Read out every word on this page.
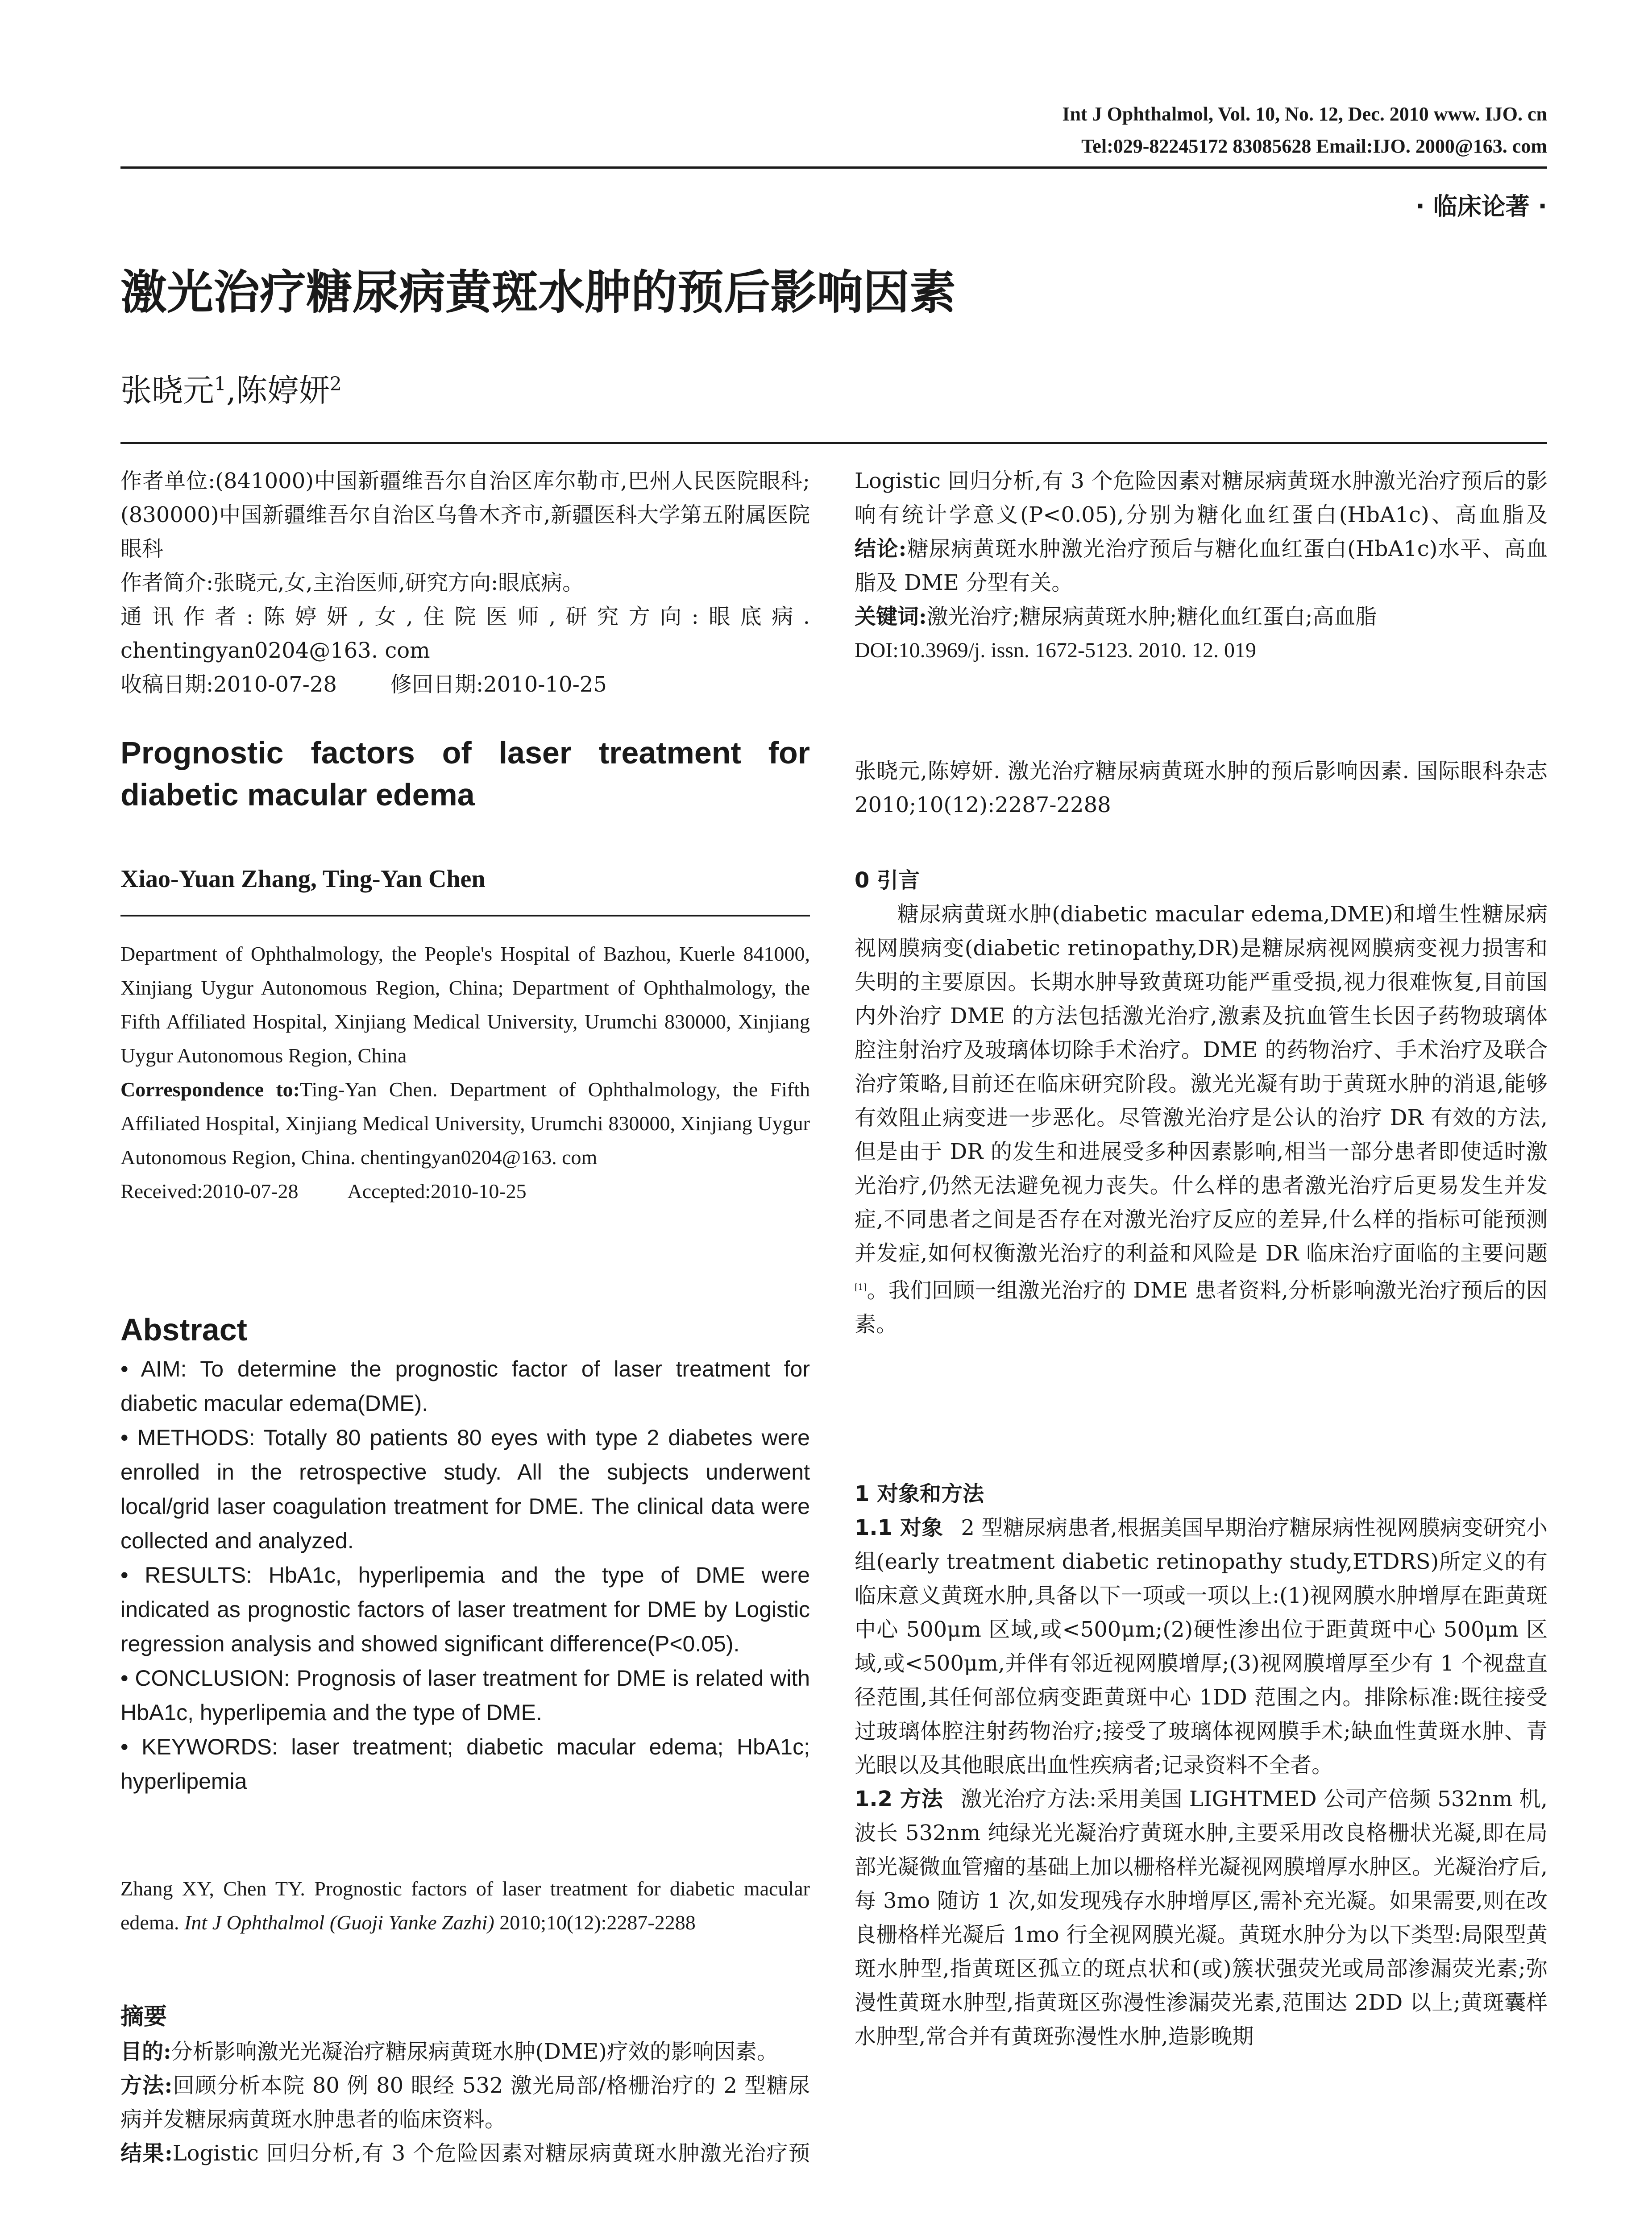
Int J Ophthalmol, Vol. 10, No. 12, Dec. 2010 www. IJO. cn
Tel:029-82245172 83085628 Email:IJO. 2000@163. com
· 临床论著 ·
激光治疗糖尿病黄斑水肿的预后影响因素
张晓元$^1$,陈婷妍$^2$

作者单位:(841000)中国新疆维吾尔自治区库尔勒市,巴州人民医院眼科;(830000)中国新疆维吾尔自治区乌鲁木齐市,新疆医科大学第五附属医院眼科

作者简介:张晓元,女,主治医师,研究方向:眼底病。

通讯作者:陈婷妍,女,住院医师,研究方向:眼底病. chentingyan0204@163. com

收稿日期:2010-07-28	修回日期:2010-10-25

Prognostic factors of laser treatment for diabetic macular edema
Xiao-Yuan Zhang, Ting-Yan Chen

Department of Ophthalmology, the People's Hospital of Bazhou, Kuerle 841000, Xinjiang Uygur Autonomous Region, China; Department of Ophthalmology, the Fifth Affiliated Hospital, Xinjiang Medical University, Urumchi 830000, Xinjiang Uygur Autonomous Region, China

Correspondence to:Ting-Yan Chen. Department of Ophthalmology, the Fifth Affiliated Hospital, Xinjiang Medical University, Urumchi 830000, Xinjiang Uygur Autonomous Region, China. chentingyan0204@163. com

Received:2010-07-28 Accepted:2010-10-25

Abstract

• AIM: To determine the prognostic factor of laser treatment for diabetic macular edema(DME).

• METHODS: Totally 80 patients 80 eyes with type 2 diabetes were enrolled in the retrospective study. All the subjects underwent local/grid laser coagulation treatment for DME. The clinical data were collected and analyzed.

• RESULTS: HbA1c, hyperlipemia and the type of DME were indicated as prognostic factors of laser treatment for DME by Logistic regression analysis and showed significant difference(P<0.05).

• CONCLUSION: Prognosis of laser treatment for DME is related with HbA1c, hyperlipemia and the type of DME.

• KEYWORDS: laser treatment; diabetic macular edema; HbA1c; hyperlipemia

Zhang XY, Chen TY. Prognostic factors of laser treatment for diabetic macular edema. Int J Ophthalmol (Guoji Yanke Zazhi) 2010;10(12):2287-2288

摘要

目的:分析影响激光光凝治疗糖尿病黄斑水肿(DME)疗效的影响因素。

方法:回顾分析本院 80 例 80 眼经 532 激光局部/格栅治疗的 2 型糖尿病并发糖尿病黄斑水肿患者的临床资料。

结果:Logistic 回归分析,有 3 个危险因素对糖尿病黄斑水肿激光治疗预

Logistic 回归分析,有 3 个危险因素对糖尿病黄斑水肿激光治疗预后的影响有统计学意义(P<0.05),分别为糖化血红蛋白(HbA1c)、高血脂及

结论:糖尿病黄斑水肿激光治疗预后与糖化血红蛋白(HbA1c)水平、高血脂及 DME 分型有关。

关键词:激光治疗;糖尿病黄斑水肿;糖化血红蛋白;高血脂

DOI:10.3969/j. issn. 1672-5123. 2010. 12. 019

张晓元,陈婷妍. 激光治疗糖尿病黄斑水肿的预后影响因素. 国际眼科杂志 2010;10(12):2287-2288

0 引言

糖尿病黄斑水肿(diabetic macular edema,DME)和增生性糖尿病视网膜病变(diabetic retinopathy,DR)是糖尿病视网膜病变视力损害和失明的主要原因。长期水肿导致黄斑功能严重受损,视力很难恢复,目前国内外治疗 DME 的方法包括激光治疗,激素及抗血管生长因子药物玻璃体腔注射治疗及玻璃体切除手术治疗。DME 的药物治疗、手术治疗及联合治疗策略,目前还在临床研究阶段。激光光凝有助于黄斑水肿的消退,能够有效阻止病变进一步恶化。尽管激光治疗是公认的治疗 DR 有效的方法,但是由于 DR 的发生和进展受多种因素影响,相当一部分患者即使适时激光治疗,仍然无法避免视力丧失。什么样的患者激光治疗后更易发生并发症,不同患者之间是否存在对激光治疗反应的差异,什么样的指标可能预测并发症,如何权衡激光治疗的利益和风险是 DR 临床治疗面临的主要问题[1]。我们回顾一组激光治疗的 DME 患者资料,分析影响激光治疗预后的因素。

1 对象和方法

1.1 对象 2 型糖尿病患者,根据美国早期治疗糖尿病性视网膜病变研究小组(early treatment diabetic retinopathy study,ETDRS)所定义的有临床意义黄斑水肿,具备以下一项或一项以上:(1)视网膜水肿增厚在距黄斑中心 500μm 区域,或<500μm;(2)硬性渗出位于距黄斑中心 500μm 区域,或<500μm,并伴有邻近视网膜增厚;(3)视网膜增厚至少有 1 个视盘直径范围,其任何部位病变距黄斑中心 1DD 范围之内。排除标准:既往接受过玻璃体腔注射药物治疗;接受了玻璃体视网膜手术;缺血性黄斑水肿、青光眼以及其他眼底出血性疾病者;记录资料不全者。

1.2 方法 激光治疗方法:采用美国 LIGHTMED 公司产倍频 532nm 机,波长 532nm 纯绿光光凝治疗黄斑水肿,主要采用改良格栅状光凝,即在局部光凝微血管瘤的基础上加以栅格样光凝视网膜增厚水肿区。光凝治疗后,每 3mo 随访 1 次,如发现残存水肿增厚区,需补充光凝。如果需要,则在改良栅格样光凝后 1mo 行全视网膜光凝。黄斑水肿分为以下类型:局限型黄斑水肿型,指黄斑区孤立的斑点状和(或)簇状强荧光或局部渗漏荧光素;弥漫性黄斑水肿型,指黄斑区弥漫性渗漏荧光素,范围达 2DD 以上;黄斑囊样水肿型,常合并有黄斑弥漫性水肿,造影晚期
